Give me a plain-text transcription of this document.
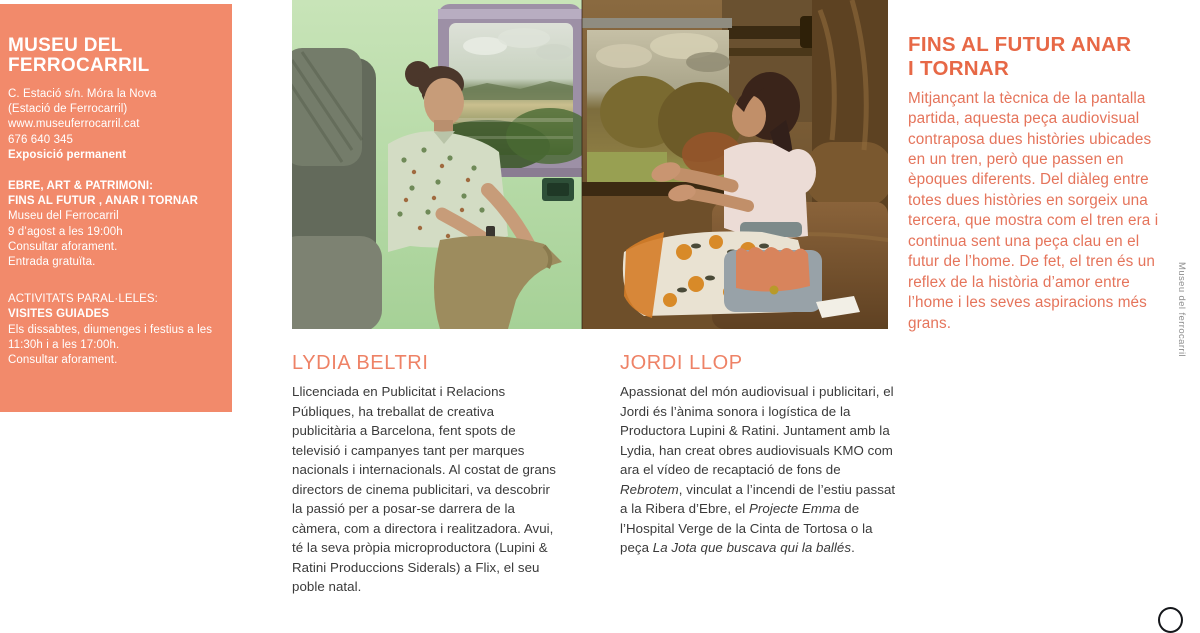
MUSEU DEL FERROCARRIL
C. Estació s/n. Móra la Nova
(Estació de Ferrocarril)
www.museuferrocarril.cat
676 640 345
Exposició permanent
EBRE, ART & PATRIMONI:
FINS AL FUTUR , ANAR I TORNAR
Museu del Ferrocarril
9 d’agost a les 19:00h
Consultar aforament.
Entrada gratuïta.
ACTIVITATS PARAL·LELES:
VISITES GUIADES
Els dissabtes, diumenges i festius a les
11:30h i a les 17:00h.
Consultar aforament.	LYDIA BELTRI

Llicenciada en Publicitat i Relacions Públiques, ha treballat de creativa publicitària a Barcelona, fent spots de televisió i campanyes tant per marques nacionals i internacionals. Al costat de grans directors de cinema publicitari, va descobrir la passió per a posar-se darrera de la càmera, com a directora i realitzadora. Avui, té la seva pròpia microproductora (Lupini & Ratini Produccions Siderals) a Flix, el seu poble natal.

JORDI LLOP

Apassionat del món audiovisual i publicitari, el Jordi és l’ànima sonora i logística de la Productora Lupini & Ratini. Juntament amb la Lydia, han creat obres audiovisuals KMO com ara el vídeo de recaptació de fons de Rebrotem, vinculat a l’incendi de l’estiu passat a la Ribera d’Ebre, el Projecte Emma de l’Hospital Verge de la Cinta de Tortosa o la peça La Jota que buscava qui la ballés.

FINS AL FUTUR ANAR
I TORNAR

Mitjançant la tècnica de la pantalla partida, aquesta peça audiovisual contraposa dues històries ubicades en un tren, però que passen en èpoques diferents. Del diàleg entre totes dues històries en sorgeix una tercera, que mostra com el tren era i continua sent una peça clau en el futur de l’home. De fet, el tren és un reflex de la història d’amor entre l’home i les seves aspiracions més grans.	Museu del ferrocarril
